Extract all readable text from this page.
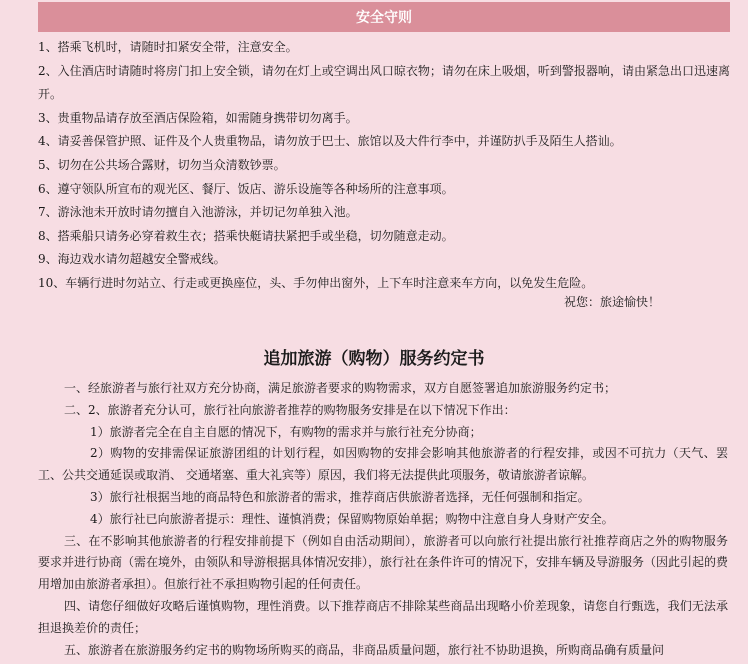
安全守则
1、搭乘飞机时，请随时扣紧安全带，注意安全。
2、入住酒店时请随时将房门扣上安全锁，请勿在灯上或空调出风口晾衣物；请勿在床上吸烟，听到警报器响，请由紧急出口迅速离开。
3、贵重物品请存放至酒店保险箱，如需随身携带切勿离手。
4、请妥善保管护照、证件及个人贵重物品，请勿放于巴士、旅馆以及大件行李中，并谨防扒手及陌生人搭讪。
5、切勿在公共场合露财，切勿当众清数钞票。
6、遵守领队所宣布的观光区、餐厅、饭店、游乐设施等各种场所的注意事项。
7、游泳池未开放时请勿擅自入池游泳，并切记勿单独入池。
8、搭乘船只请务必穿着救生衣；搭乘快艇请扶紧把手或坐稳，切勿随意走动。
9、海边戏水请勿超越安全警戒线。
10、车辆行进时勿站立、行走或更换座位，头、手勿伸出窗外，上下车时注意来车方向，以免发生危险。
祝您：旅途愉快！
追加旅游（购物）服务约定书
一、经旅游者与旅行社双方充分协商，满足旅游者要求的购物需求，双方自愿签署追加旅游服务约定书；
二、2、旅游者充分认可，旅行社向旅游者推荐的购物服务安排是在以下情况下作出：
1）旅游者完全在自主自愿的情况下，有购物的需求并与旅行社充分协商；
2）购物的安排需保证旅游团组的计划行程，如因购物的安排会影响其他旅游者的行程安排，或因不可抗力（天气、罢工、公共交通延误或取消、 交通堵塞、重大礼宾等）原因，我们将无法提供此项服务，敬请旅游者谅解。
3）旅行社根据当地的商品特色和旅游者的需求，推荐商店供旅游者选择，无任何强制和指定。
4）旅行社已向旅游者提示：理性、谨慎消费；保留购物原始单据；购物中注意自身人身财产安全。
三、在不影响其他旅游者的行程安排前提下（例如自由活动期间），旅游者可以向旅行社提出旅行社推荐商店之外的购物服务要求并进行协商（需在境外，由领队和导游根据具体情况安排），旅行社在条件许可的情况下，安排车辆及导游服务（因此引起的费用增加由旅游者承担）。但旅行社不承担购物引起的任何责任。
四、请您仔细做好攻略后谨慎购物，理性消费。以下推荐商店不排除某些商品出现略小价差现象，请您自行甄选，我们无法承担退换差价的责任；
五、旅游者在旅游服务约定书的购物场所购买的商品，非商品质量问题，旅行社不协助退换，所购商品确有质量问
